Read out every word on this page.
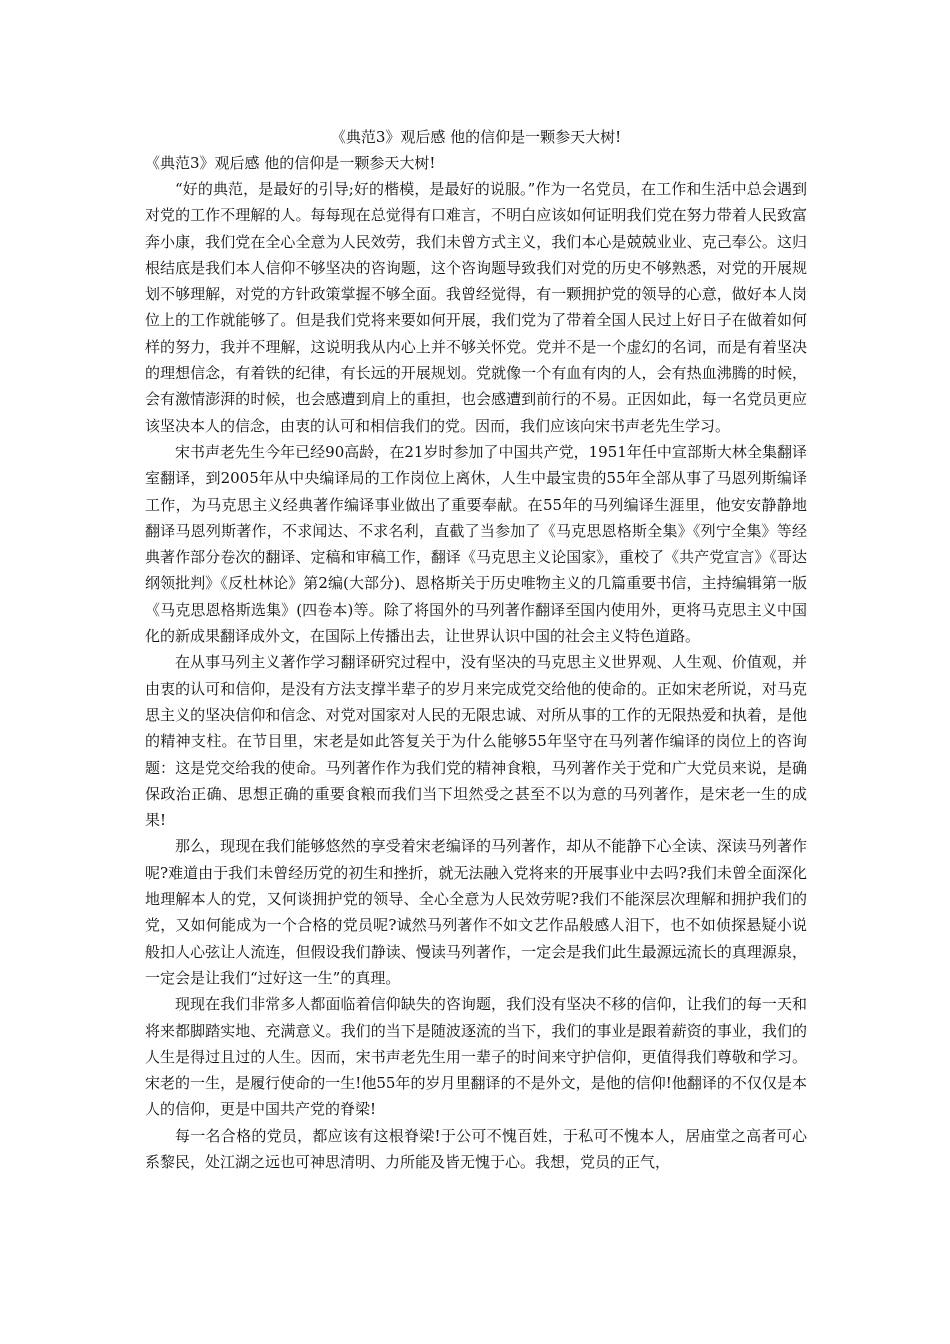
《典范3》观后感 他的信仰是一颗参天大树!
《典范3》观后感 他的信仰是一颗参天大树!

“好的典范，是最好的引导;好的楷模，是最好的说服。”作为一名党员，在工作和生活中总会遇到对党的工作不理解的人。每每现在总觉得有口难言，不明白应该如何证明我们党在努力带着人民致富奔小康，我们党在全心全意为人民效劳，我们未曾方式主义，我们本心是兢兢业业、克己奉公。这归根结底是我们本人信仰不够坚决的咨询题，这个咨询题导致我们对党的历史不够熟悉，对党的开展规划不够理解，对党的方针政策掌握不够全面。我曾经觉得，有一颗拥护党的领导的心意，做好本人岗位上的工作就能够了。但是我们党将来要如何开展，我们党为了带着全国人民过上好日子在做着如何样的努力，我并不理解，这说明我从内心上并不够关怀党。党并不是一个虚幻的名词，而是有着坚决的理想信念，有着铁的纪律，有长远的开展规划。党就像一个有血有肉的人，会有热血沸腾的时候，会有激情澎湃的时候，也会感遭到肩上的重担，也会感遭到前行的不易。正因如此，每一名党员更应该坚决本人的信念，由衷的认可和相信我们的党。因而，我们应该向宋书声老先生学习。

宋书声老先生今年已经90高龄，在21岁时参加了中国共产党，1951年任中宣部斯大林全集翻译室翻译，到2005年从中央编译局的工作岗位上离休，人生中最宝贵的55年全部从事了马恩列斯编译工作，为马克思主义经典著作编译事业做出了重要奉献。在55年的马列编译生涯里，他安安静静地翻译马恩列斯著作，不求闻达、不求名利，直截了当参加了《马克思恩格斯全集》《列宁全集》等经典著作部分卷次的翻译、定稿和审稿工作，翻译《马克思主义论国家》，重校了《共产党宣言》《哥达纲领批判》《反杜林论》第2编(大部分)、恩格斯关于历史唯物主义的几篇重要书信，主持编辑第一版《马克思恩格斯选集》(四卷本)等。除了将国外的马列著作翻译至国内使用外，更将马克思主义中国化的新成果翻译成外文，在国际上传播出去，让世界认识中国的社会主义特色道路。

在从事马列主义著作学习翻译研究过程中，没有坚决的马克思主义世界观、人生观、价值观，并由衷的认可和信仰，是没有方法支撑半辈子的岁月来完成党交给他的使命的。正如宋老所说，对马克思主义的坚决信仰和信念、对党对国家对人民的无限忠诚、对所从事的工作的无限热爱和执着，是他的精神支柱。在节目里，宋老是如此答复关于为什么能够55年坚守在马列著作编译的岗位上的咨询题：这是党交给我的使命。马列著作作为我们党的精神食粮，马列著作关于党和广大党员来说，是确保政治正确、思想正确的重要食粮而我们当下坦然受之甚至不以为意的马列著作，是宋老一生的成果!

那么，现现在我们能够悠然的享受着宋老编译的马列著作，却从不能静下心全读、深读马列著作呢?难道由于我们未曾经历党的初生和挫折，就无法融入党将来的开展事业中去吗?我们未曾全面深化地理解本人的党，又何谈拥护党的领导、全心全意为人民效劳呢?我们不能深层次理解和拥护我们的党，又如何能成为一个合格的党员呢?诚然马列著作不如文艺作品般感人泪下，也不如侦探悬疑小说般扣人心弦让人流连，但假设我们静读、慢读马列著作，一定会是我们此生最源远流长的真理源泉，一定会是让我们“过好这一生”的真理。

现现在我们非常多人都面临着信仰缺失的咨询题，我们没有坚决不移的信仰，让我们的每一天和将来都脚踏实地、充满意义。我们的当下是随波逐流的当下，我们的事业是跟着薪资的事业，我们的人生是得过且过的人生。因而，宋书声老先生用一辈子的时间来守护信仰，更值得我们尊敬和学习。宋老的一生，是履行使命的一生!他55年的岁月里翻译的不是外文，是他的信仰!他翻译的不仅仅是本人的信仰，更是中国共产党的脊梁!

每一名合格的党员，都应该有这根脊梁!于公可不愧百姓，于私可不愧本人，居庙堂之高者可心系黎民，处江湖之远也可神思清明、力所能及皆无愧于心。我想，党员的正气，
